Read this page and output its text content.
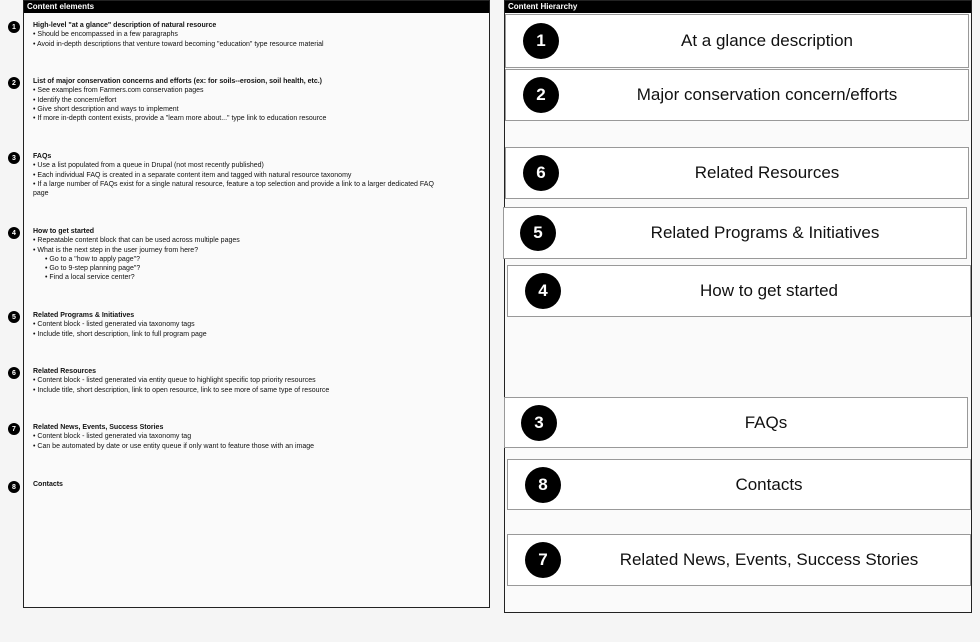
Content elements
1	High-level "at a glance" description of natural resource
• Should be encompassed in a few paragraphs
• Avoid in-depth descriptions that venture toward becoming "education" type resource material
2	List of major conservation concerns and efforts (ex: for soils--erosion, soil health, etc.)
• See examples from Farmers.com conservation pages
• Identify the concern/effort
• Give short description and ways to implement
• If more in-depth content exists, provide a "learn more about..." type link to education resource
3	FAQs
• Use a list populated from a queue in Drupal (not most recently published)
• Each individual FAQ is created in a separate content item and tagged with natural resource taxonomy
• If a large number of FAQs exist for a single natural resource, feature a top selection and provide a link to a larger dedicated FAQ
page
4	How to get started
• Repeatable content block that can be used across multiple pages
• What is the next step in the user journey from here?
• Go to a "how to apply page"?
• Go to 9-step planning page"?
• Find a local service center?
5	Related Programs & Initiatives
• Content block - listed generated via taxonomy tags
• Include title, short description, link to full program page
6	Related Resources
• Content block - listed generated via entity queue to highlight specific top priority resources
• Include title, short description, link to open resource, link to see more of same type of resource
7	Related News, Events, Success Stories
• Content block - listed generated via taxonomy tag
• Can be automated by date or use entity queue if only want to feature those with an image
8	Contacts
Content Hierarchy
1	At a glance description
2	Major conservation concern/efforts
6	Related Resources
5	Related Programs & Initiatives
4	How to get started
3	FAQs
8	Contacts
7	Related News, Events, Success Stories
